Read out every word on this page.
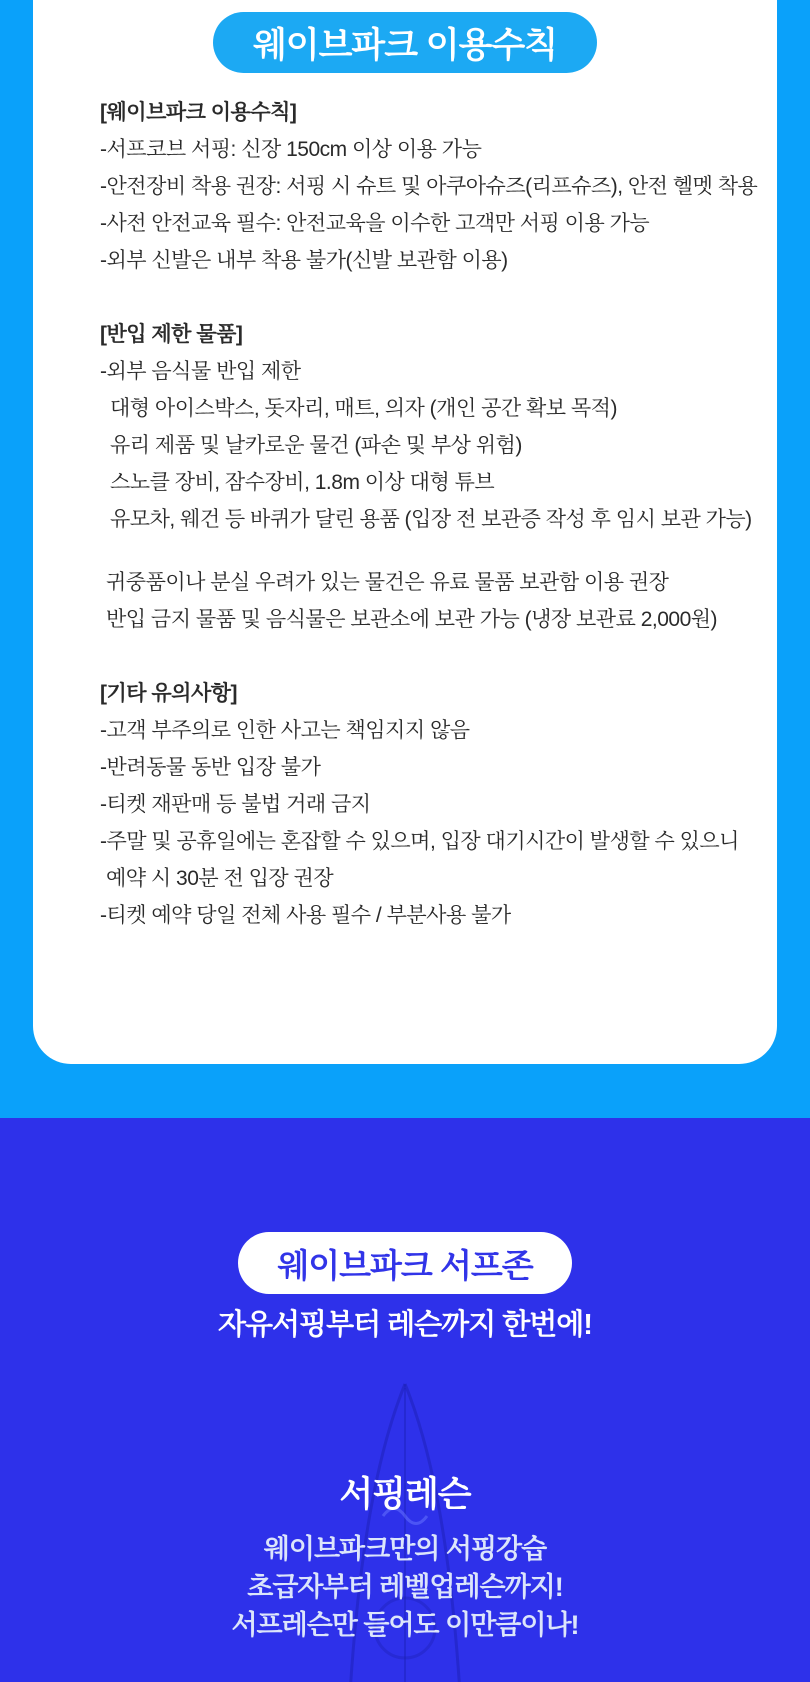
웨이브파크 이용수칙
[웨이브파크 이용수칙]
-서프코브 서핑: 신장 150cm 이상 이용 가능
-안전장비 착용 권장: 서핑 시 슈트 및 아쿠아슈즈(리프슈즈), 안전 헬멧 착용
-사전 안전교육 필수: 안전교육을 이수한 고객만 서핑 이용 가능
-외부 신발은 내부 착용 불가(신발 보관함 이용)
[반입 제한 물품]
-외부 음식물 반입 제한
대형 아이스박스, 돗자리, 매트, 의자 (개인 공간 확보 목적)
유리 제품 및 날카로운 물건 (파손 및 부상 위험)
스노클 장비, 잠수장비, 1.8m 이상 대형 튜브
유모차, 웨건 등 바퀴가 달린 용품 (입장 전 보관증 작성 후 임시 보관 가능)
귀중품이나 분실 우려가 있는 물건은 유료 물품 보관함 이용 권장
반입 금지 물품 및 음식물은 보관소에 보관 가능 (냉장 보관료 2,000원)
[기타 유의사항]
-고객 부주의로 인한 사고는 책임지지 않음
-반려동물 동반 입장 불가
-티켓 재판매 등 불법 거래 금지
-주말 및 공휴일에는 혼잡할 수 있으며, 입장 대기시간이 발생할 수 있으니
예약 시 30분 전 입장 권장
-티켓 예약 당일 전체 사용 필수 / 부분사용 불가
웨이브파크 서프존
자유서핑부터 레슨까지 한번에!
서핑레슨
웨이브파크만의 서핑강습
초급자부터 레벨업레슨까지!
서프레슨만 들어도 이만큼이나!
